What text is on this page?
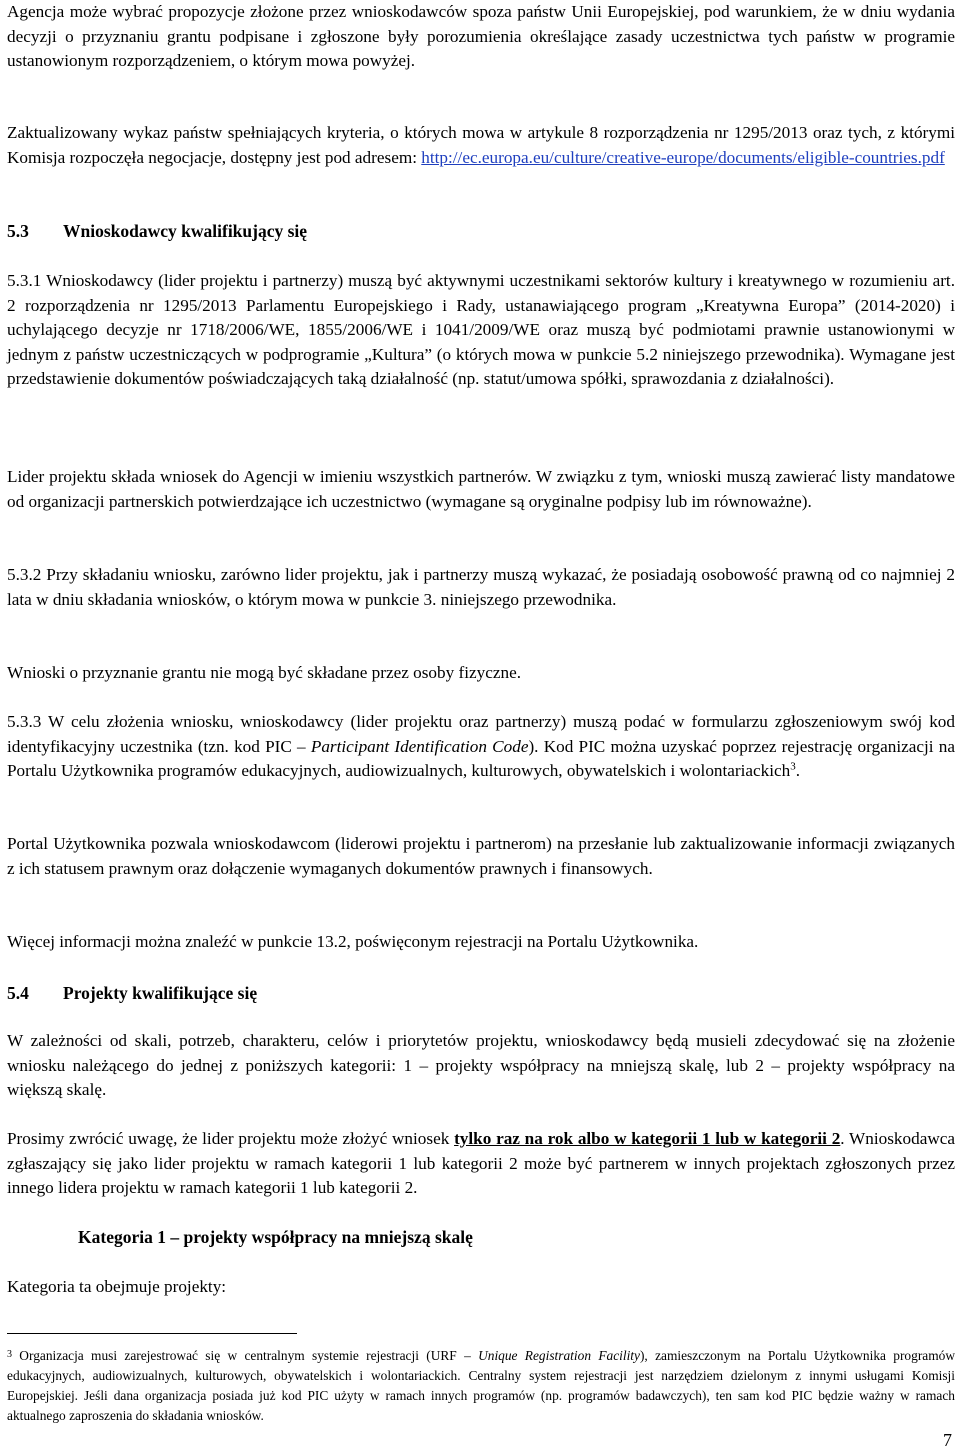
Agencja może wybrać propozycje złożone przez wnioskodawców spoza państw Unii Europejskiej, pod warunkiem, że w dniu wydania decyzji o przyznaniu grantu podpisane i zgłoszone były porozumienia określające zasady uczestnictwa tych państw w programie ustanowionym rozporządzeniem, o którym mowa powyżej.

Zaktualizowany wykaz państw spełniających kryteria, o których mowa w artykule 8 rozporządzenia nr 1295/2013 oraz tych, z którymi Komisja rozpoczęła negocjacje, dostępny jest pod adresem: http://ec.europa.eu/culture/creative-europe/documents/eligible-countries.pdf

5.3 Wnioskodawcy kwalifikujący się

5.3.1 Wnioskodawcy (lider projektu i partnerzy) muszą być aktywnymi uczestnikami sektorów kultury i kreatywnego w rozumieniu art. 2 rozporządzenia nr 1295/2013 Parlamentu Europejskiego i Rady, ustanawiającego program „Kreatywna Europa” (2014-2020) i uchylającego decyzje nr 1718/2006/WE, 1855/2006/WE i 1041/2009/WE oraz muszą być podmiotami prawnie ustanowionymi w jednym z państw uczestniczących w podprogramie „Kultura” (o których mowa w punkcie 5.2 niniejszego przewodnika). Wymagane jest przedstawienie dokumentów poświadczających taką działalność (np. statut/umowa spółki, sprawozdania z działalności).

Lider projektu składa wniosek do Agencji w imieniu wszystkich partnerów. W związku z tym, wnioski muszą zawierać listy mandatowe od organizacji partnerskich potwierdzające ich uczestnictwo (wymagane są oryginalne podpisy lub im równoważne).

5.3.2 Przy składaniu wniosku, zarówno lider projektu, jak i partnerzy muszą wykazać, że posiadają osobowość prawną od co najmniej 2 lata w dniu składania wniosków, o którym mowa w punkcie 3. niniejszego przewodnika.

Wnioski o przyznanie grantu nie mogą być składane przez osoby fizyczne.

5.3.3 W celu złożenia wniosku, wnioskodawcy (lider projektu oraz partnerzy) muszą podać w formularzu zgłoszeniowym swój kod identyfikacyjny uczestnika (tzn. kod PIC – Participant Identification Code). Kod PIC można uzyskać poprzez rejestrację organizacji na Portalu Użytkownika programów edukacyjnych, audiowizualnych, kulturowych, obywatelskich i wolontariackich$^3$.

Portal Użytkownika pozwala wnioskodawcom (liderowi projektu i partnerom) na przesłanie lub zaktualizowanie informacji związanych z ich statusem prawnym oraz dołączenie wymaganych dokumentów prawnych i finansowych.

Więcej informacji można znaleźć w punkcie 13.2, poświęconym rejestracji na Portalu Użytkownika.

5.4 Projekty kwalifikujące się

W zależności od skali, potrzeb, charakteru, celów i priorytetów projektu, wnioskodawcy będą musieli zdecydować się na złożenie wniosku należącego do jednej z poniższych kategorii: 1 – projekty współpracy na mniejszą skalę, lub 2 – projekty współpracy na większą skalę.

Prosimy zwrócić uwagę, że lider projektu może złożyć wniosek tylko raz na rok albo w kategorii 1 lub w kategorii 2. Wnioskodawca zgłaszający się jako lider projektu w ramach kategorii 1 lub kategorii 2 może być partnerem w innych projektach zgłoszonych przez innego lidera projektu w ramach kategorii 1 lub kategorii 2.

Kategoria 1 – projekty współpracy na mniejszą skalę

Kategoria ta obejmuje projekty:

$^3$ Organizacja musi zarejestrować się w centralnym systemie rejestracji (URF – Unique Registration Facility), zamieszczonym na Portalu Użytkownika programów edukacyjnych, audiowizualnych, kulturowych, obywatelskich i wolontariackich. Centralny system rejestracji jest narzędziem dzielonym z innymi usługami Komisji Europejskiej. Jeśli dana organizacja posiada już kod PIC użyty w ramach innych programów (np. programów badawczych), ten sam kod PIC będzie ważny w ramach aktualnego zaproszenia do składania wniosków.
7
